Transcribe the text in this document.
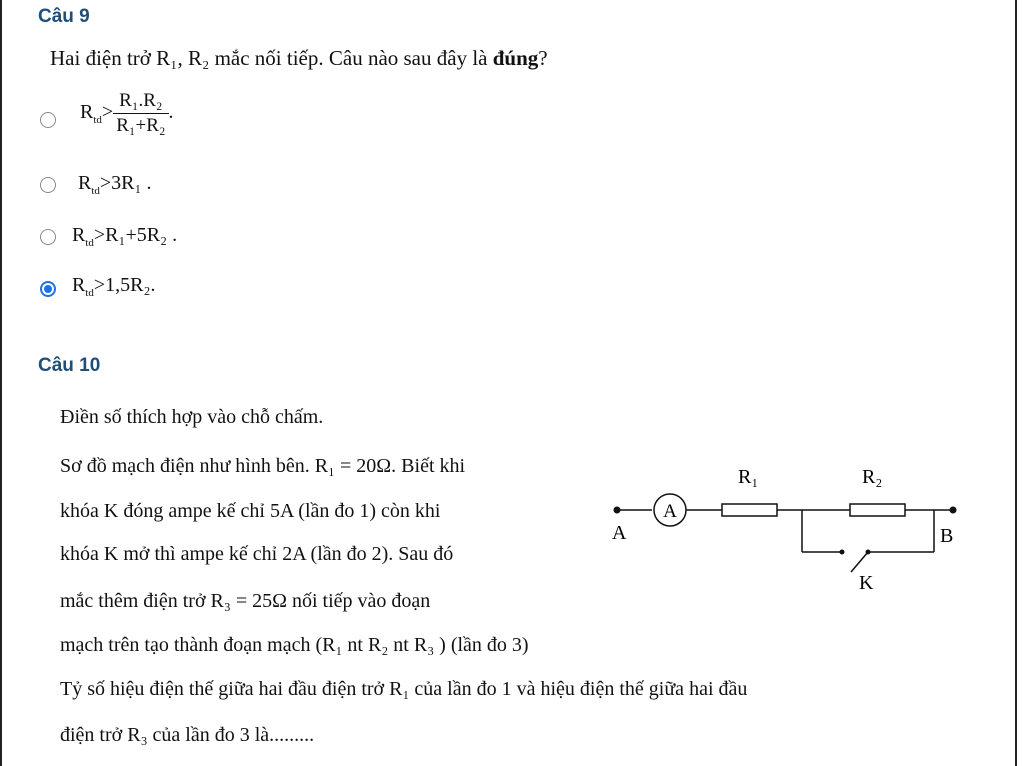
Câu 9
Hai điện trở R₁, R₂ mắc nối tiếp. Câu nào sau đây là đúng?
$R_{td}> \frac{\text{R₁.R₂}}{\text{R₁+R₂}}$ .
$R_{td}>3R_1$ .
$R_{td}>R_1+5R_2$ .
$R_{td}>1,5R_2$.
Câu 10
Điền số thích hợp vào chỗ chấm.
Sơ đồ mạch điện như hình bên. R₁ = 20Ω. Biết khi
khóa K đóng ampe kế chỉ 5A (lần đo 1) còn khi
khóa K mở thì ampe kế chỉ 2A (lần đo 2). Sau đó
mắc thêm điện trở R₃ = 25Ω nối tiếp vào đoạn
mạch trên tạo thành đoạn mạch (R₁ nt R₂ nt R₃ ) (lần đo 3)
Tỷ số hiệu điện thế giữa hai đầu điện trở R₁ của lần đo 1 và hiệu điện thế giữa hai đầu
điện trở R₃ của lần đo 3 là.........
A
R₁	R₂
A	B
K
